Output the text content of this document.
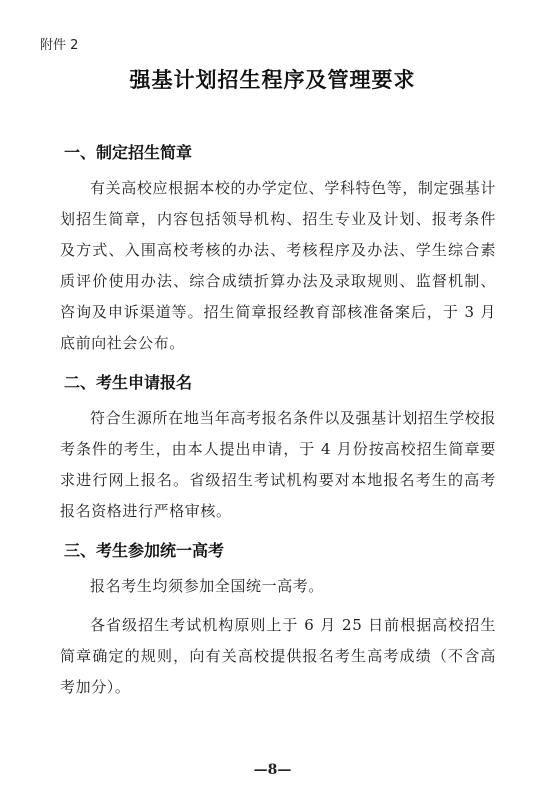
附件 2
强基计划招生程序及管理要求
一、制定招生简章

有关高校应根据本校的办学定位、学科特色等，制定强基计划招生简章，内容包括领导机构、招生专业及计划、报考条件及方式、入围高校考核的办法、考核程序及办法、学生综合素质评价使用办法、综合成绩折算办法及录取规则、监督机制、咨询及申诉渠道等。招生简章报经教育部核准备案后，于 3 月底前向社会公布。

二、考生申请报名

符合生源所在地当年高考报名条件以及强基计划招生学校报考条件的考生，由本人提出申请，于 4 月份按高校招生简章要求进行网上报名。省级招生考试机构要对本地报名考生的高考报名资格进行严格审核。

三、考生参加统一高考

报名考生均须参加全国统一高考。

各省级招生考试机构原则上于 6 月 25 日前根据高校招生简章确定的规则，向有关高校提供报名考生高考成绩（不含高考加分）。

—8—
